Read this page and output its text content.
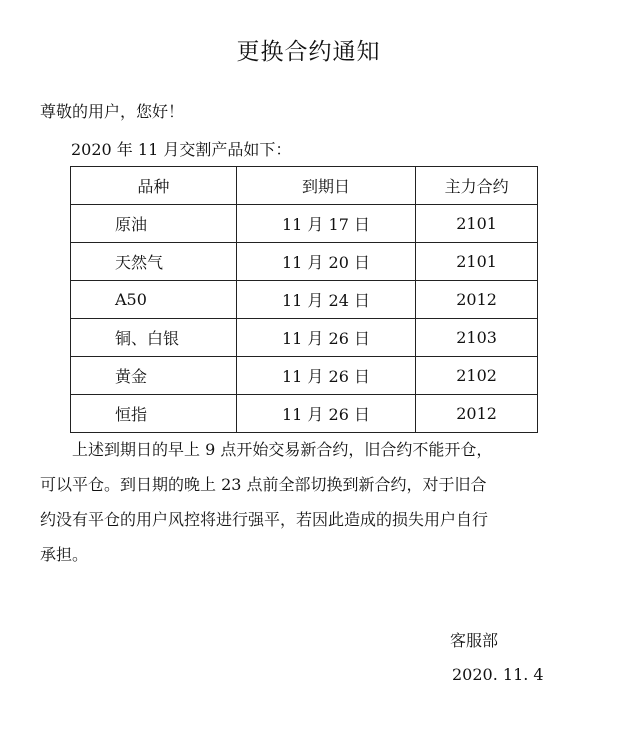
更换合约通知
尊敬的用户，您好！
2020 年 11 月交割产品如下：
品种	到期日	主力合约
原油	11 月 17 日	2101
天然气	11 月 20 日	2101
A50	11 月 24 日	2012
铜、白银	11 月 26 日	2103
黄金	11 月 26 日	2102
恒指	11 月 26 日	2012

上述到期日的早上 9 点开始交易新合约，旧合约不能开仓，

可以平仓。到日期的晚上 23 点前全部切换到新合约，对于旧合

约没有平仓的用户风控将进行强平，若因此造成的损失用户自行

承担。

客服部
2020. 11. 4
